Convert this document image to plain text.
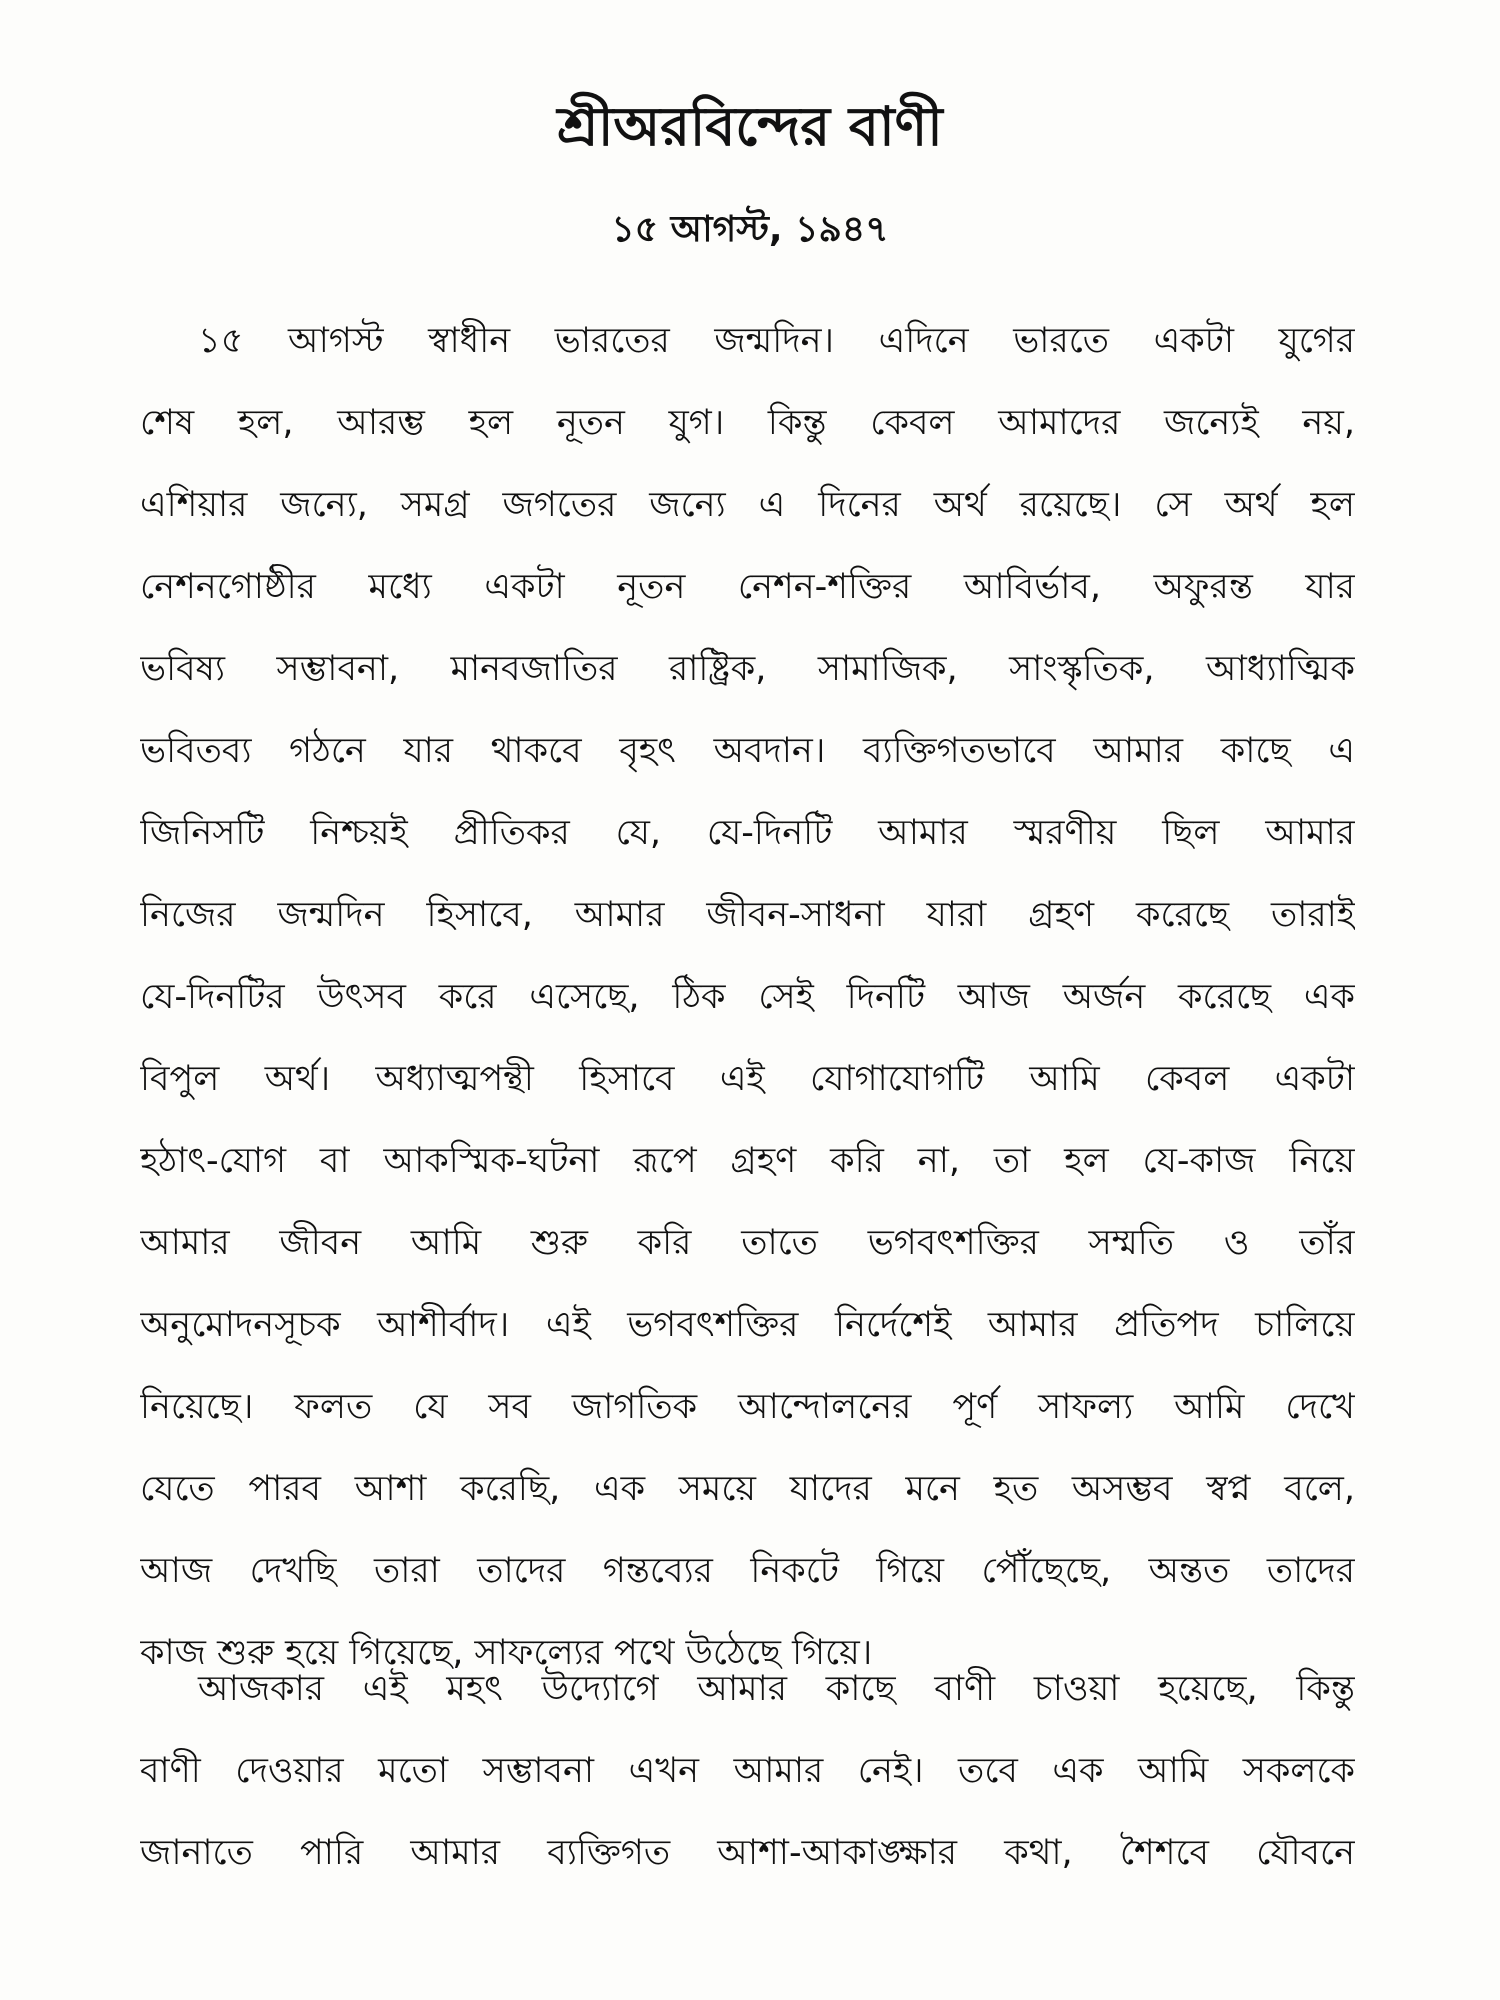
শ্রীঅরবিন্দের বাণী
১৫ আগস্ট, ১৯৪৭
১৫ আগস্ট স্বাধীন ভারতের জন্মদিন। এদিনে ভারতে একটা যুগের
শেষ হল, আরম্ভ হল নূতন যুগ। কিন্তু কেবল আমাদের জন্যেই নয়,
এশিয়ার জন্যে, সমগ্র জগতের জন্যে এ দিনের অর্থ রয়েছে। সে অর্থ হল
নেশনগোষ্ঠীর মধ্যে একটা নূতন নেশন-শক্তির আবির্ভাব, অফুরন্ত যার
ভবিষ্য সম্ভাবনা, মানবজাতির রাষ্ট্রিক, সামাজিক, সাংস্কৃতিক, আধ্যাত্মিক
ভবিতব্য গঠনে যার থাকবে বৃহৎ অবদান। ব্যক্তিগতভাবে আমার কাছে এ
জিনিসটি নিশ্চয়ই প্রীতিকর যে, যে-দিনটি আমার স্মরণীয় ছিল আমার
নিজের জন্মদিন হিসাবে, আমার জীবন-সাধনা যারা গ্রহণ করেছে তারাই
যে-দিনটির উৎসব করে এসেছে, ঠিক সেই দিনটি আজ অর্জন করেছে এক
বিপুল অর্থ। অধ্যাত্মপন্থী হিসাবে এই যোগাযোগটি আমি কেবল একটা
হঠাৎ-যোগ বা আকস্মিক-ঘটনা রূপে গ্রহণ করি না, তা হল যে-কাজ নিয়ে
আমার জীবন আমি শুরু করি তাতে ভগবৎশক্তির সম্মতি ও তাঁর
অনুমোদনসূচক আশীর্বাদ। এই ভগবৎশক্তির নির্দেশেই আমার প্রতিপদ চালিয়ে
নিয়েছে। ফলত যে সব জাগতিক আন্দোলনের পূর্ণ সাফল্য আমি দেখে
যেতে পারব আশা করেছি, এক সময়ে যাদের মনে হত অসম্ভব স্বপ্ন বলে,
আজ দেখছি তারা তাদের গন্তব্যের নিকটে গিয়ে পৌঁছেছে, অন্তত তাদের
কাজ শুরু হয়ে গিয়েছে, সাফল্যের পথে উঠেছে গিয়ে।
আজকার এই মহৎ উদ্যোগে আমার কাছে বাণী চাওয়া হয়েছে, কিন্তু
বাণী দেওয়ার মতো সম্ভাবনা এখন আমার নেই। তবে এক আমি সকলকে
জানাতে পারি আমার ব্যক্তিগত আশা-আকাঙ্ক্ষার কথা, শৈশবে যৌবনে
